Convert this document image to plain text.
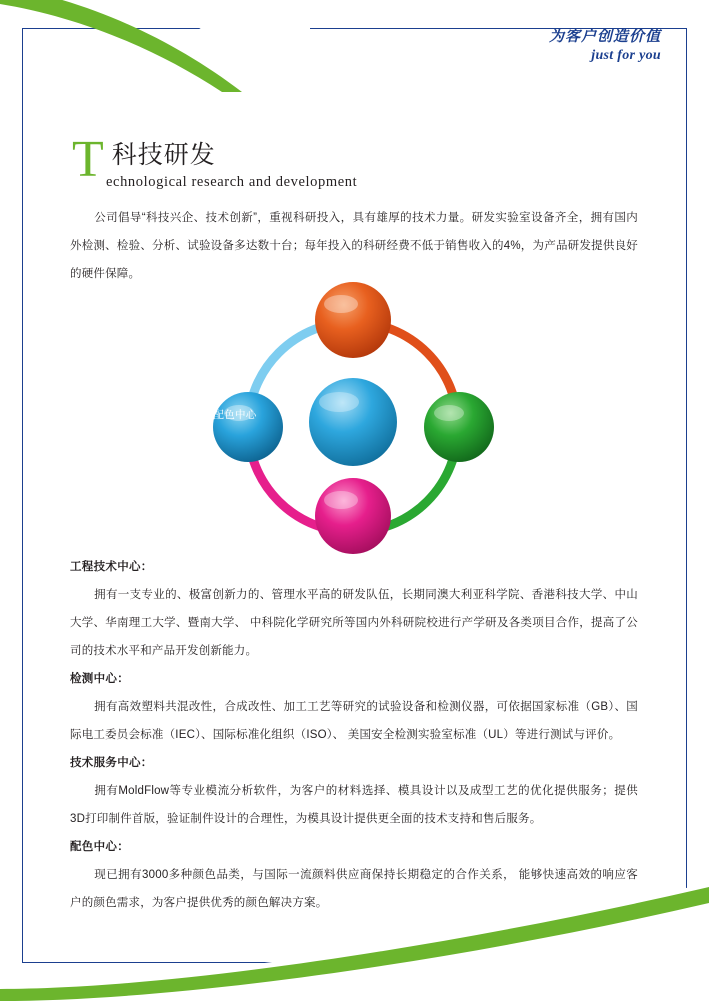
为客户创造价值
just for you
T 科技研发
echnological research and development
公司倡导“科技兴企、技术创新”，重视科研投入，具有雄厚的技术力量。研发实验室设备齐全，拥有国内外检测、检验、分析、试验设备多达数十台；每年投入的科研经费不低于销售收入的4%，为产品研发提供良好的硬件保障。
检测中心
配色中心
技术服务
中心
工程技术
中心
广州科苑
技术中心
工程技术中心：
拥有一支专业的、极富创新力的、管理水平高的研发队伍，长期同澳大利亚科学院、香港科技大学、中山大学、华南理工大学、暨南大学、 中科院化学研究所等国内外科研院校进行产学研及各类项目合作，提高了公司的技术水平和产品开发创新能力。
检测中心：
拥有高效塑料共混改性，合成改性、加工工艺等研究的试验设备和检测仪器，可依据国家标准（GB）、国际电工委员会标准（IEC）、国际标准化组织（ISO）、 美国安全检测实验室标准（UL）等进行测试与评价。
技术服务中心：
拥有MoldFlow等专业模流分析软件，为客户的材料选择、模具设计以及成型工艺的优化提供服务；提供3D打印制件首版，验证制件设计的合理性，为模具设计提供更全面的技术支持和售后服务。
配色中心：
现已拥有3000多种颜色品类，与国际一流颜料供应商保持长期稳定的合作关系， 能够快速高效的响应客户的颜色需求，为客户提供优秀的颜色解决方案。
